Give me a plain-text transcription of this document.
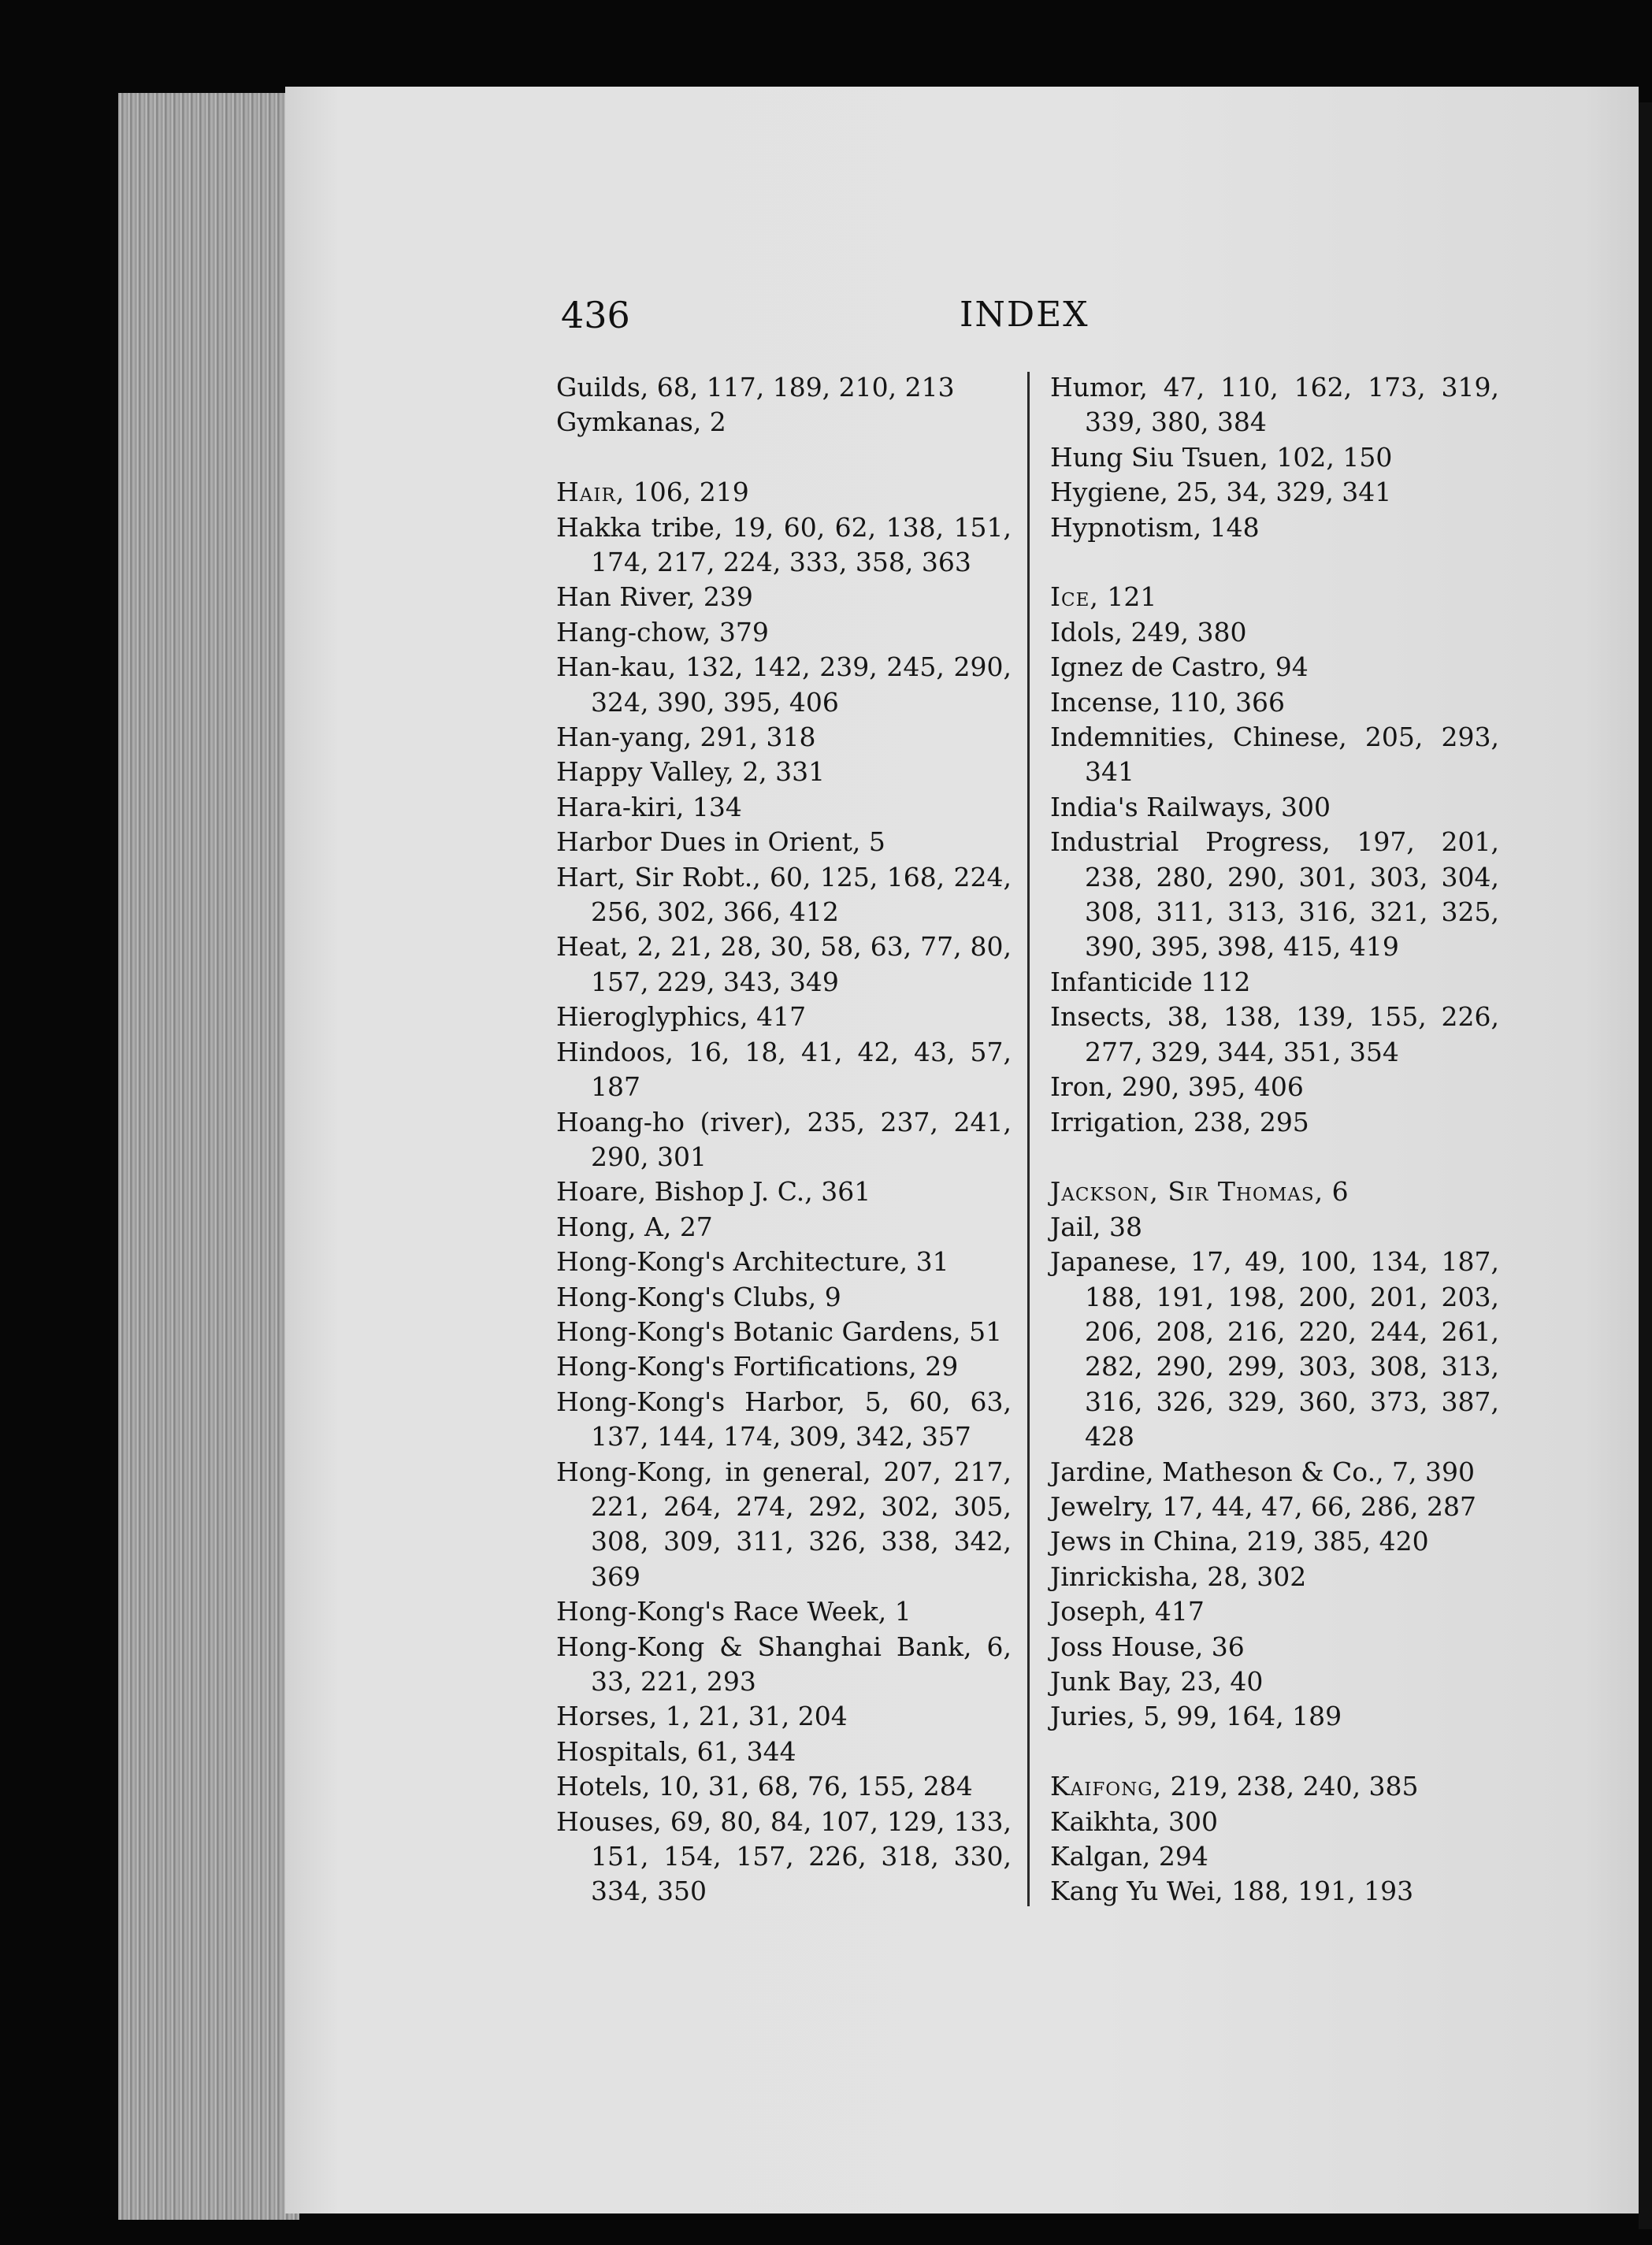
436	INDEX
Guilds, 68, 117, 189, 210, 213
Gymkanas, 2
Hair, 106, 219
Hakka tribe, 19, 60, 62, 138, 151, 174, 217, 224, 333, 358, 363
Han River, 239
Hang-chow, 379
Han-kau, 132, 142, 239, 245, 290, 324, 390, 395, 406
Han-yang, 291, 318
Happy Valley, 2, 331
Hara-kiri, 134
Harbor Dues in Orient, 5
Hart, Sir Robt., 60, 125, 168, 224, 256, 302, 366, 412
Heat, 2, 21, 28, 30, 58, 63, 77, 80, 157, 229, 343, 349
Hieroglyphics, 417
Hindoos, 16, 18, 41, 42, 43, 57, 187
Hoang-ho (river), 235, 237, 241, 290, 301
Hoare, Bishop J. C., 361
Hong, A, 27
Hong-Kong's Architecture, 31
Hong-Kong's Clubs, 9
Hong-Kong's Botanic Gardens, 51
Hong-Kong's Fortifications, 29
Hong-Kong's Harbor, 5, 60, 63, 137, 144, 174, 309, 342, 357
Hong-Kong, in general, 207, 217, 221, 264, 274, 292, 302, 305, 308, 309, 311, 326, 338, 342, 369
Hong-Kong's Race Week, 1
Hong-Kong & Shanghai Bank, 6, 33, 221, 293
Horses, 1, 21, 31, 204
Hospitals, 61, 344
Hotels, 10, 31, 68, 76, 155, 284
Houses, 69, 80, 84, 107, 129, 133, 151, 154, 157, 226, 318, 330, 334, 350
Humor, 47, 110, 162, 173, 319, 339, 380, 384
Hung Siu Tsuen, 102, 150
Hygiene, 25, 34, 329, 341
Hypnotism, 148
Ice, 121
Idols, 249, 380
Ignez de Castro, 94
Incense, 110, 366
Indemnities, Chinese, 205, 293, 341
India's Railways, 300
Industrial Progress, 197, 201, 238, 280, 290, 301, 303, 304, 308, 311, 313, 316, 321, 325, 390, 395, 398, 415, 419
Infanticide 112
Insects, 38, 138, 139, 155, 226, 277, 329, 344, 351, 354
Iron, 290, 395, 406
Irrigation, 238, 295
Jackson, Sir Thomas, 6
Jail, 38
Japanese, 17, 49, 100, 134, 187, 188, 191, 198, 200, 201, 203, 206, 208, 216, 220, 244, 261, 282, 290, 299, 303, 308, 313, 316, 326, 329, 360, 373, 387, 428
Jardine, Matheson & Co., 7, 390
Jewelry, 17, 44, 47, 66, 286, 287
Jews in China, 219, 385, 420
Jinrickisha, 28, 302
Joseph, 417
Joss House, 36
Junk Bay, 23, 40
Juries, 5, 99, 164, 189
Kaifong, 219, 238, 240, 385
Kaikhta, 300
Kalgan, 294
Kang Yu Wei, 188, 191, 193
